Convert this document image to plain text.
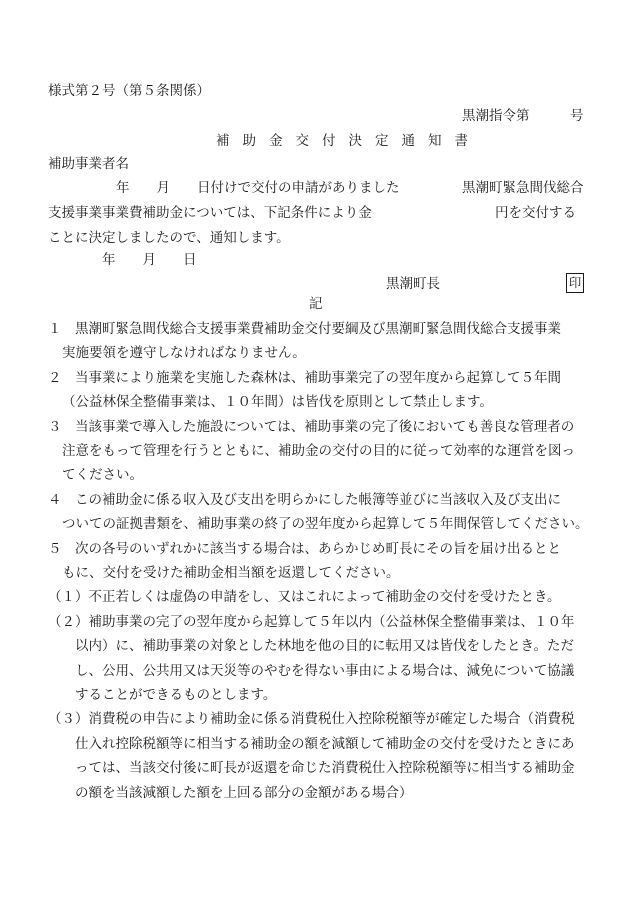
様式第２号（第５条関係）
黒潮指令第　　　号
補助金交付決定通知書
補助事業者名
年　　月　　日付けで交付の申請がありました	黒潮町緊急間伐総合
支援事業事業費補助金については、下記条件により金	円を交付する
ことに決定しましたので、通知します。
年　　月　　日
黒潮町長	印
記
１　黒潮町緊急間伐総合支援事業費補助金交付要綱及び黒潮町緊急間伐総合支援事業
実施要領を遵守しなければなりません。
２　当事業により施業を実施した森林は、補助事業完了の翌年度から起算して５年間
（公益林保全整備事業は、１０年間）は皆伐を原則として禁止します。
３　当該事業で導入した施設については、補助事業の完了後においても善良な管理者の
注意をもって管理を行うとともに、補助金の交付の目的に従って効率的な運営を図っ
てください。
４　この補助金に係る収入及び支出を明らかにした帳簿等並びに当該収入及び支出に
ついての証拠書類を、補助事業の終了の翌年度から起算して５年間保管してください。
５　次の各号のいずれかに該当する場合は、あらかじめ町長にその旨を届け出るとと
もに、交付を受けた補助金相当額を返還してください。
（１）不正若しくは虚偽の申請をし、又はこれによって補助金の交付を受けたとき。
（２）補助事業の完了の翌年度から起算して５年以内（公益林保全整備事業は、１０年
以内）に、補助事業の対象とした林地を他の目的に転用又は皆伐をしたとき。ただ
し、公用、公共用又は天災等のやむを得ない事由による場合は、減免について協議
することができるものとします。
（３）消費税の申告により補助金に係る消費税仕入控除税額等が確定した場合（消費税
仕入れ控除税額等に相当する補助金の額を減額して補助金の交付を受けたときにあ
っては、当該交付後に町長が返還を命じた消費税仕入控除税額等に相当する補助金
の額を当該減額した額を上回る部分の金額がある場合）
